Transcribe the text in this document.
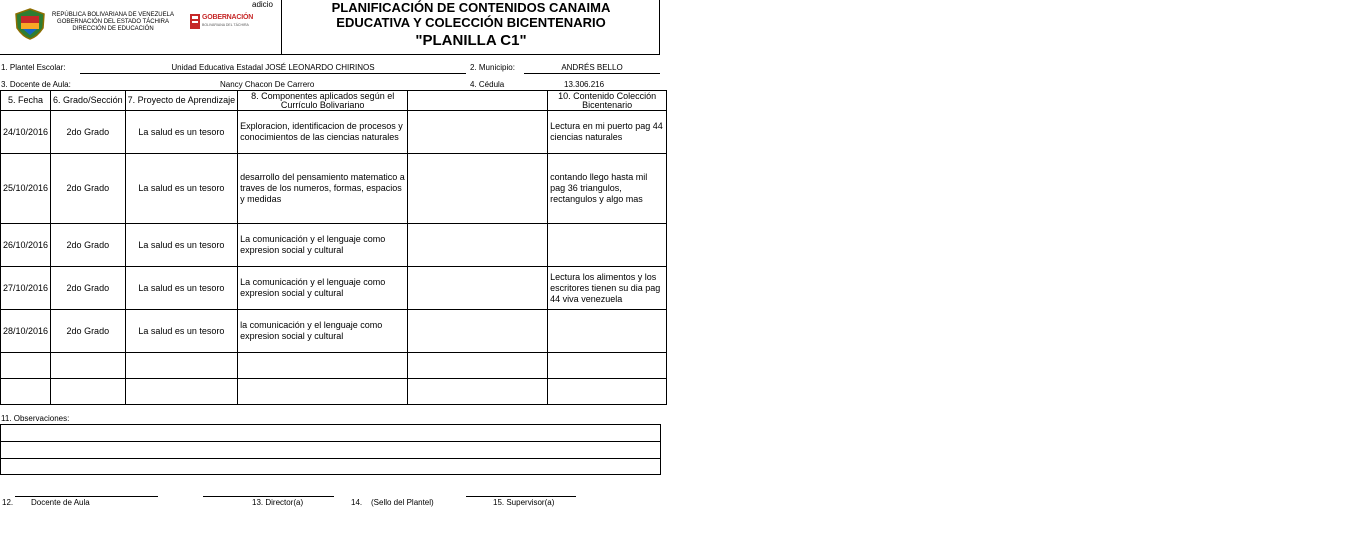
REPÚBLICA BOLIVARIANA DE VENEZUELA
GOBERNACIÓN DEL ESTADO TÁCHIRA
DIRECCIÓN DE EDUCACIÓN
GOBERNACIÓN
BOLIVARIANA DEL TÁCHIRA
adicio	PLANIFICACIÓN DE CONTENIDOS CANAIMA
EDUCATIVA Y COLECCIÓN BICENTENARIO
"PLANILLA C1"
1. Plantel Escolar:	Unidad Educativa Estadal JOSÉ LEONARDO CHIRINOS	2. Municipio:	ANDRÉS BELLO
3. Docente de Aula:	Nancy Chacon De Carrero	4. Cédula	13.306.216
5. Fecha	6. Grado/Sección	7. Proyecto de Aprendizaje	8. Componentes aplicados según el Currículo Bolivariano		10. Contenido Colección Bicentenario
24/10/2016	2do Grado	La salud es un tesoro	Exploracion, identificacion de procesos y conocimientos de las ciencias naturales		Lectura en mi puerto pag 44 ciencias naturales
25/10/2016	2do Grado	La salud es un tesoro	desarrollo del pensamiento matematico a traves de los numeros, formas, espacios y medidas		contando llego hasta mil pag 36 triangulos, rectangulos y algo mas
26/10/2016	2do Grado	La salud es un tesoro	La comunicación y el lenguaje como expresion social y cultural		
27/10/2016	2do Grado	La salud es un tesoro	La comunicación y el lenguaje como expresion social y cultural		Lectura los alimentos y los escritores tienen su dia pag 44 viva venezuela
28/10/2016	2do Grado	La salud es un tesoro	la comunicación y el lenguaje como expresion social y cultural		

11. Observaciones:
12. Docente de Aula	13. Director(a)	14. (Sello del Plantel)	15. Supervisor(a)
